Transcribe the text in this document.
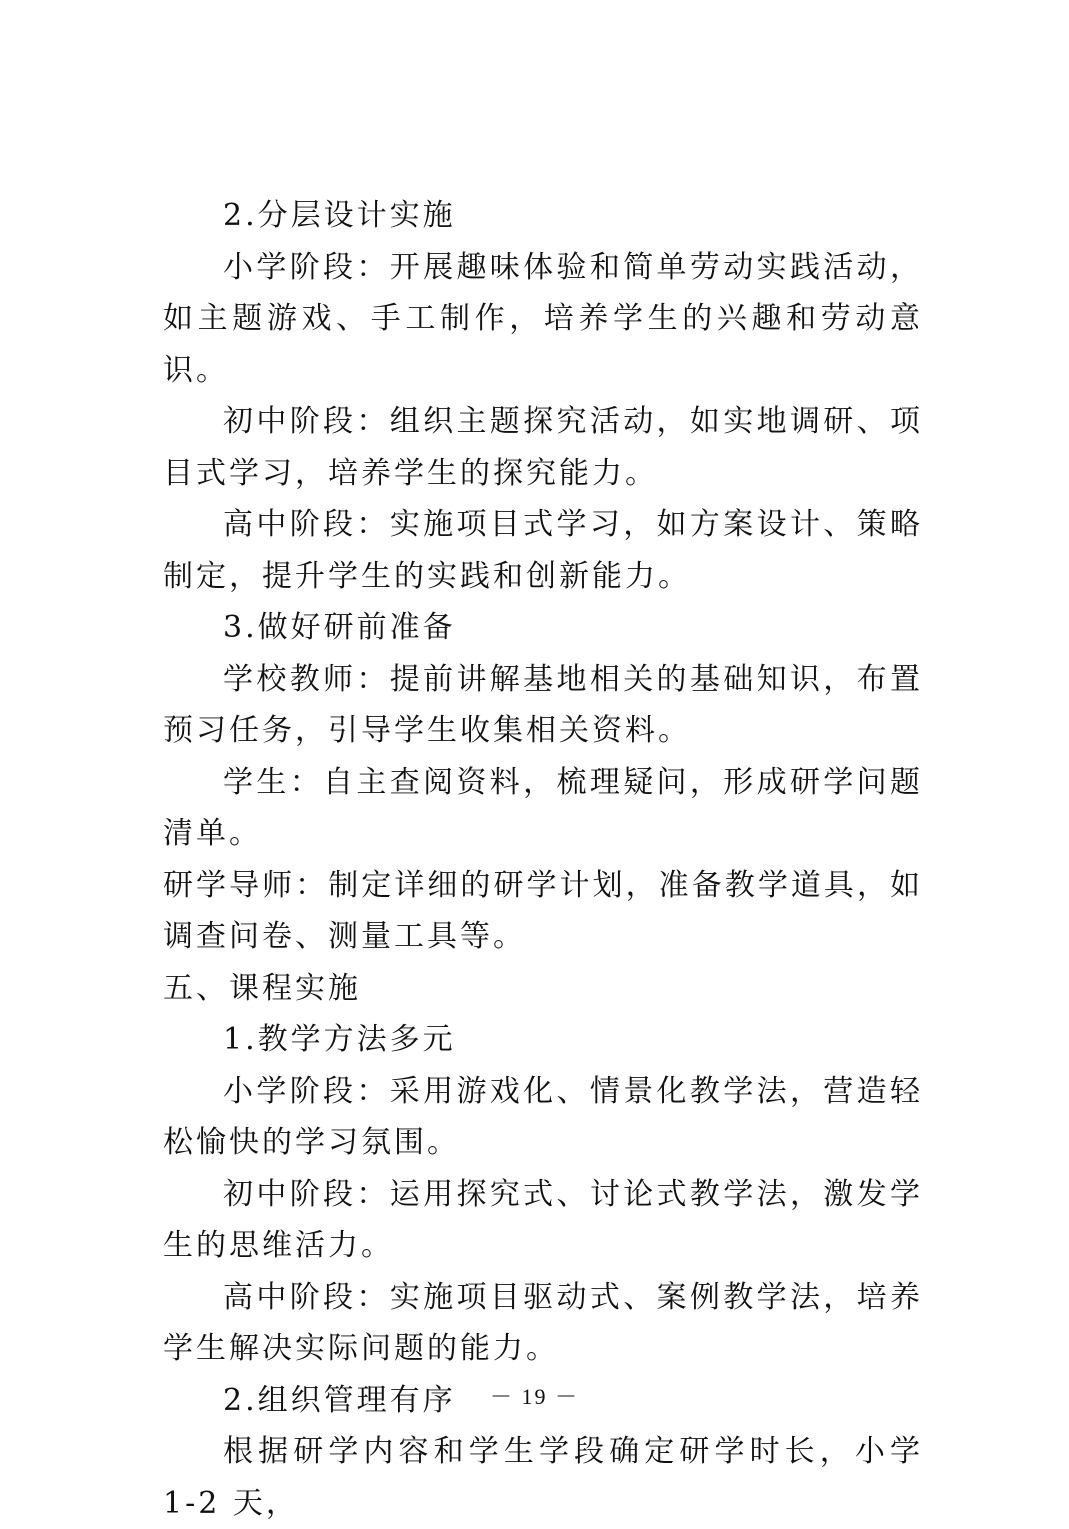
2.分层设计实施

小学阶段：开展趣味体验和简单劳动实践活动，如主题游戏、手工制作，培养学生的兴趣和劳动意识。

初中阶段：组织主题探究活动，如实地调研、项目式学习，培养学生的探究能力。

高中阶段：实施项目式学习，如方案设计、策略制定，提升学生的实践和创新能力。

3.做好研前准备

学校教师：提前讲解基地相关的基础知识，布置预习任务，引导学生收集相关资料。

学生：自主查阅资料，梳理疑问，形成研学问题清单。

研学导师：制定详细的研学计划，准备教学道具，如调查问卷、测量工具等。

五、课程实施

1.教学方法多元

小学阶段：采用游戏化、情景化教学法，营造轻松愉快的学习氛围。

初中阶段：运用探究式、讨论式教学法，激发学生的思维活力。

高中阶段：实施项目驱动式、案例教学法，培养学生解决实际问题的能力。

2.组织管理有序

根据研学内容和学生学段确定研学时长，小学 1-2 天，

－ 19 －
